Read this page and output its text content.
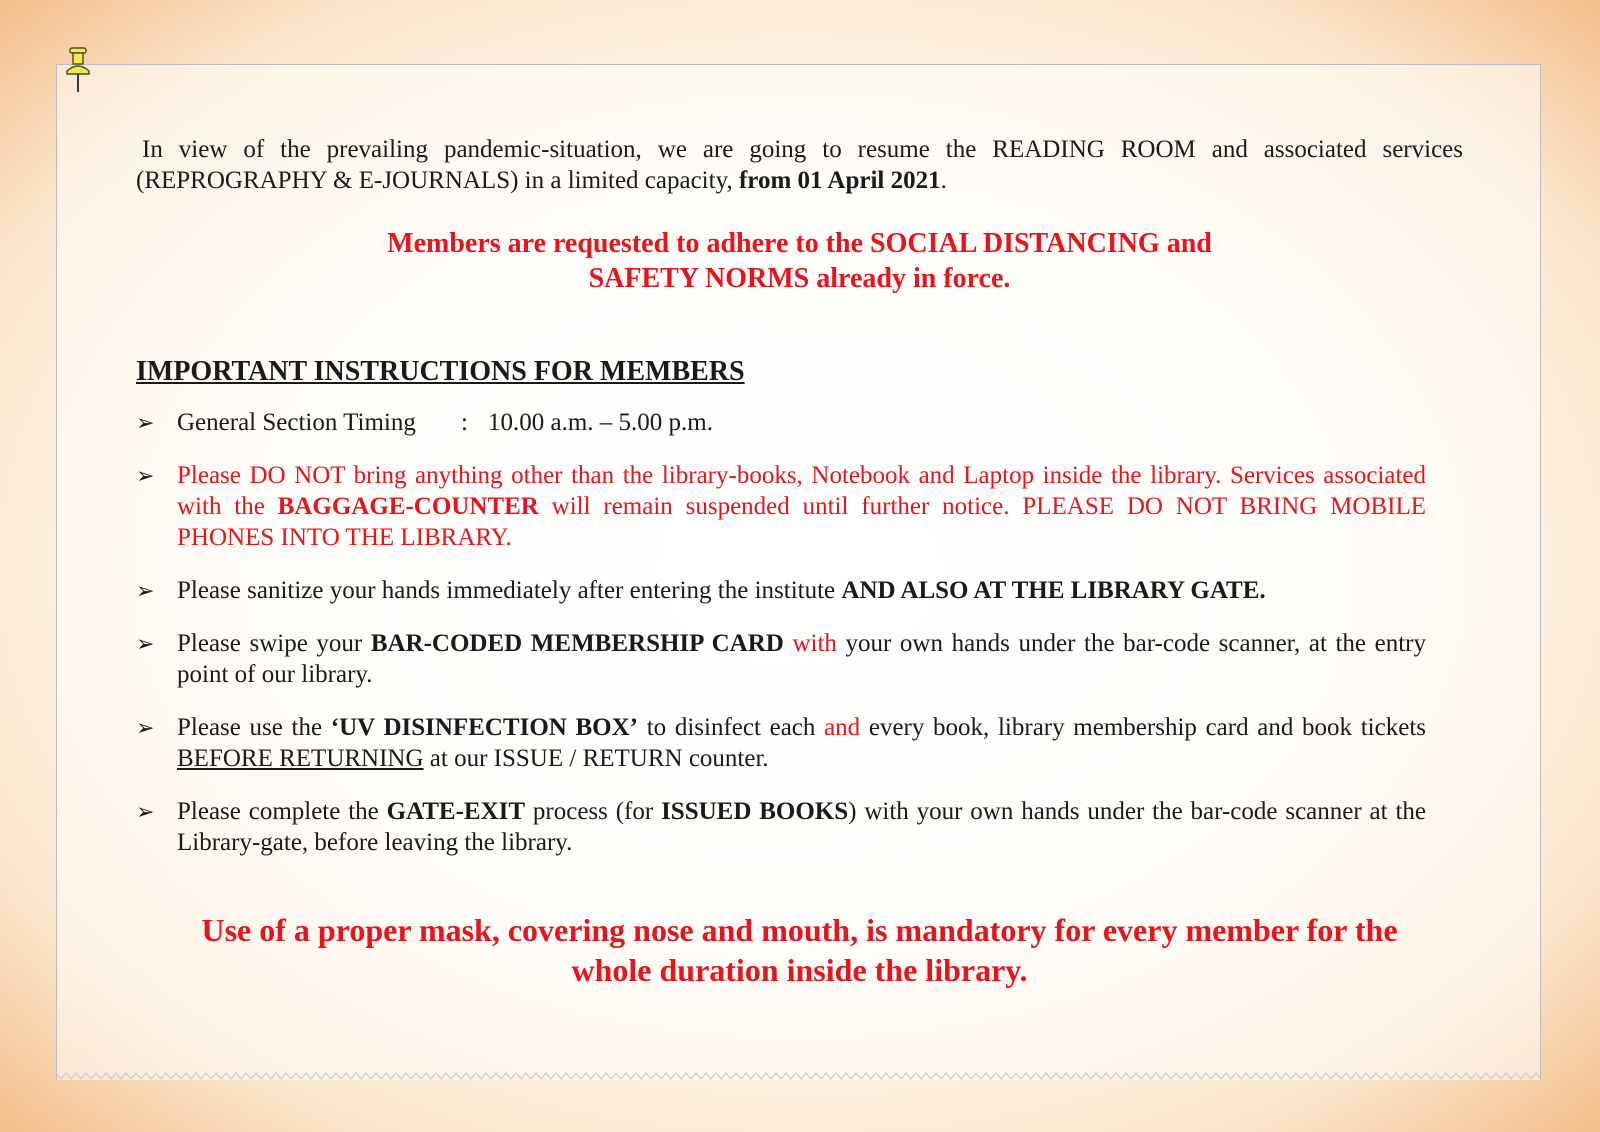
In view of the prevailing pandemic-situation, we are going to resume the READING ROOM and associated services (REPROGRAPHY & E-JOURNALS) in a limited capacity, from 01 April 2021.

Members are requested to adhere to the SOCIAL DISTANCING and
SAFETY NORMS already in force.

IMPORTANT INSTRUCTIONS FOR MEMBERS
➢ General Section Timing : 10.00 a.m. – 5.00 p.m.
➢ Please DO NOT bring anything other than the library-books, Notebook and Laptop inside the library. Services associated with the BAGGAGE-COUNTER will remain suspended until further notice. PLEASE DO NOT BRING MOBILE PHONES INTO THE LIBRARY.
➢ Please sanitize your hands immediately after entering the institute AND ALSO AT THE LIBRARY GATE.
➢ Please swipe your BAR-CODED MEMBERSHIP CARD with your own hands under the bar-code scanner, at the entry point of our library.
➢ Please use the ‘UV DISINFECTION BOX’ to disinfect each and every book, library membership card and book tickets BEFORE RETURNING at our ISSUE / RETURN counter.
➢ Please complete the GATE-EXIT process (for ISSUED BOOKS) with your own hands under the bar-code scanner at the Library-gate, before leaving the library.

Use of a proper mask, covering nose and mouth, is mandatory for every member for the
whole duration inside the library.
